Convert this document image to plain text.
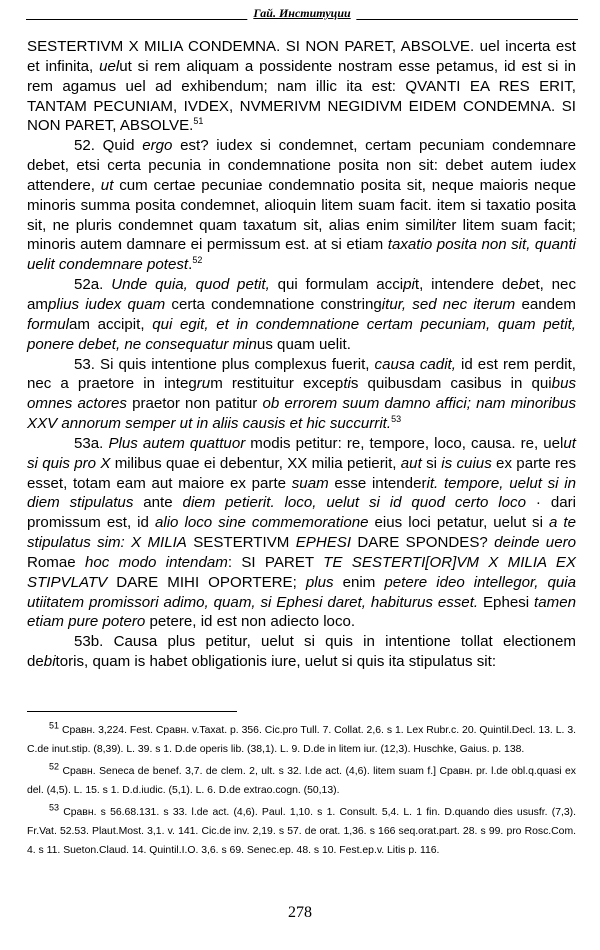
Гай. Институции

SESTERTIVM X MILIA CONDEMNA. SI NON PARET, ABSOLVE. uel incerta est et infinita, uelut si rem aliquam a possidente nostram esse petamus, id est si in rem agamus uel ad exhibendum; nam illic ita est: QVANTI EA RES ERIT, TANTAM PECUNIAM, IVDEX, NVMERIVM NEGIDIVM EIDEM CONDEMNA. SI NON PARET, ABSOLVE.$^{51}$

52. Quid ergo est? iudex si condemnet, certam pecuniam condemnare debet, etsi certa pecunia in condemnatione posita non sit: debet autem iudex attendere, ut cum certae pecuniae condemnatio posita sit, neque maioris neque minoris summa posita condemnet, alioquin litem suam facit. item si taxatio posita sit, ne pluris condemnet quam taxatum sit, alias enim similiter litem suam facit; minoris autem damnare ei permissum est. at si etiam taxatio posita non sit, quanti uelit condemnare potest.$^{52}$

52a. Unde quia, quod petit, qui formulam accipit, intendere debet, nec amplius iudex quam certa condemnatione constringitur, sed nec iterum eandem formulam accipit, qui egit, et in condemnatione certam pecuniam, quam petit, ponere debet, ne consequatur minus quam uelit.

53. Si quis intentione plus complexus fuerit, causa cadit, id est rem perdit, nec a praetore in integrum restituitur exceptis quibusdam casibus in quibus omnes actores praetor non patitur ob errorem suum damno affici; nam minoribus XXV annorum semper ut in aliis causis et hic succurrit.$^{53}$

53a. Plus autem quattuor modis petitur: re, tempore, loco, causa. re, uelut si quis pro X milibus quae ei debentur, XX milia petierit, aut si is cuius ex parte res esset, totam eam aut maiore ex parte suam esse intenderit. tempore, uelut si in diem stipulatus ante diem petierit. loco, uelut si id quod certo loco · dari promissum est, id alio loco sine commemoratione eius loci petatur, uelut si a te stipulatus sim: X MILIA SESTERTIVM EPHESI DARE SPONDES? deinde uero Romae hoc modo intendam: SI PARET TE SESTERTI[OR]VM X MILIA EX STIPVLATV DARE MIHI OPORTERE; plus enim petere ideo intellegor, quia utiitatem promissori adimo, quam, si Ephesi daret, habiturus esset. Ephesi tamen etiam pure potero petere, id est non adiecto loco.

53b. Causa plus petitur, uelut si quis in intentione tollat electionem debitoris, quam is habet obligationis iure, uelut si quis ita stipulatus sit:

$^{51}$ Сравн. 3,224. Fest. Сравн. v.Taxat. p. 356. Cic.pro Tull. 7. Collat. 2,6. s 1. Lex Rubr.c. 20. Quintil.Decl. 13. L. 3. C.de inut.stip. (8,39). L. 39. s 1. D.de operis lib. (38,1). L. 9. D.de in litem iur. (12,3). Huschke, Gaius. p. 138.

$^{52}$ Сравн. Seneca de benef. 3,7. de clem. 2, ult. s 32. l.de act. (4,6). litem suam f.] Сравн. pr. l.de obl.q.quasi ex del. (4,5). L. 15. s 1. D.d.iudic. (5,1). L. 6. D.de extrao.cogn. (50,13).

$^{53}$ Сравн. s 56.68.131. s 33. l.de act. (4,6). Paul. 1,10. s 1. Consult. 5,4. L. 1 fin. D.quando dies ususfr. (7,3). Fr.Vat. 52.53. Plaut.Most. 3,1. v. 141. Cic.de inv. 2,19. s 57. de orat. 1,36. s 166 seq.orat.part. 28. s 99. pro Rosc.Com. 4. s 11. Sueton.Claud. 14. Quintil.I.O. 3,6. s 69. Senec.ep. 48. s 10. Fest.ep.v. Litis p. 116.

278
